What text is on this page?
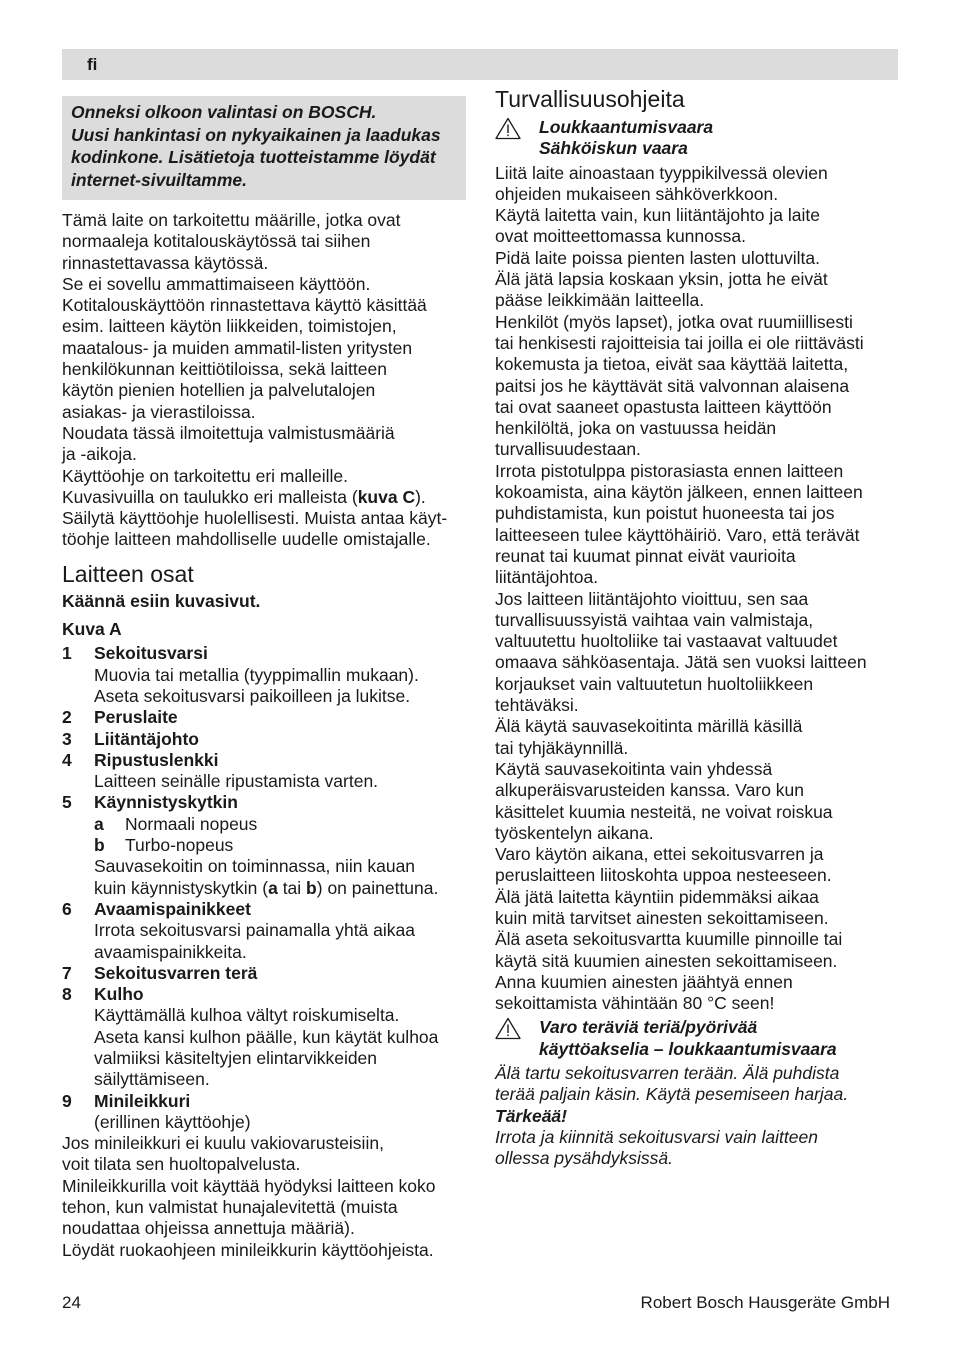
fi

Onneksi olkoon valintasi on BOSCH.

Uusi hankintasi on nykyaikainen ja laadukas

kodinkone. Lisätietoja tuotteistamme löydät

internet-sivuiltamme.

Tämä laite on tarkoitettu määrille, jotka ovat

normaaleja kotitalouskäytössä tai siihen

rinnastettavassa käytössä.

Se ei sovellu ammattimaiseen käyttöön.

Kotitalouskäyttöön rinnastettava käyttö käsittää

esim. laitteen käytön liikkeiden, toimistojen,

maatalous- ja muiden ammatil-listen yritysten

henkilökunnan keittiötiloissa, sekä laitteen

käytön pienien hotellien ja palvelutalojen

asiakas- ja vierastiloissa.

Noudata tässä ilmoitettuja valmistusmääriä

ja -aikoja.

Käyttöohje on tarkoitettu eri malleille.

Kuvasivuilla on taulukko eri malleista (kuva C).

Säilytä käyttöohje huolellisesti. Muista antaa käyt-

töohje laitteen mahdolliselle uudelle omistajalle.

Laitteen osat

Käännä esiin kuvasivut.

Kuva A

1	Sekoitusvarsi

Muovia tai metallia (tyyppimallin mukaan).

Aseta sekoitusvarsi paikoilleen ja lukitse.

2	Peruslaite
3	Liitäntäjohto
4	Ripustuslenkki

Laitteen seinälle ripustamista varten.

5	Käynnistyskytkin
a	Normaali nopeus
b	Turbo-nopeus

Sauvasekoitin on toiminnassa, niin kauan

kuin käynnistyskytkin (a tai b) on painettuna.

6	Avaamispainikkeet

Irrota sekoitusvarsi painamalla yhtä aikaa

avaamispainikkeita.

7	Sekoitusvarren terä
8	Kulho

Käyttämällä kulhoa vältyt roiskumiselta.

Aseta kansi kulhon päälle, kun käytät kulhoa

valmiiksi käsiteltyjen elintarvikkeiden

säilyttämiseen.

9	Minileikkuri

(erillinen käyttöohje)

Jos minileikkuri ei kuulu vakiovarusteisiin,

voit tilata sen huoltopalvelusta.

Minileikkurilla voit käyttää hyödyksi laitteen koko

tehon, kun valmistat hunajalevitettä (muista

noudattaa ohjeissa annettuja määriä).

Löydät ruokaohjeen minileikkurin käyttöohjeista.

Turvallisuusohjeita

Loukkaantumisvaara

Sähköiskun vaara

Liitä laite ainoastaan tyyppikilvessä olevien

ohjeiden mukaiseen sähköverkkoon.

Käytä laitetta vain, kun liitäntäjohto ja laite

ovat moitteettomassa kunnossa.

Pidä laite poissa pienten lasten ulottuvilta.

Älä jätä lapsia koskaan yksin, jotta he eivät

pääse leikkimään laitteella.

Henkilöt (myös lapset), jotka ovat ruumiillisesti

tai henkisesti rajoitteisia tai joilla ei ole riittävästi

kokemusta ja tietoa, eivät saa käyttää laitetta,

paitsi jos he käyttävät sitä valvonnan alaisena

tai ovat saaneet opastusta laitteen käyttöön

henkilöltä, joka on vastuussa heidän

turvallisuudestaan.

Irrota pistotulppa pistorasiasta ennen laitteen

kokoamista, aina käytön jälkeen, ennen laitteen

puhdistamista, kun poistut huoneesta tai jos

laitteeseen tulee käyttöhäiriö. Varo, että terävät

reunat tai kuumat pinnat eivät vaurioita

liitäntäjohtoa.

Jos laitteen liitäntäjohto vioittuu, sen saa

turvallisuussyistä vaihtaa vain valmistaja,

valtuutettu huoltoliike tai vastaavat valtuudet

omaava sähköasentaja. Jätä sen vuoksi laitteen

korjaukset vain valtuutetun huoltoliikkeen

tehtäväksi.

Älä käytä sauvasekoitinta märillä käsillä

tai tyhjäkäynnillä.

Käytä sauvasekoitinta vain yhdessä

alkuperäisvarusteiden kanssa. Varo kun

käsittelet kuumia nesteitä, ne voivat roiskua

työskentelyn aikana.

Varo käytön aikana, ettei sekoitusvarren ja

peruslaitteen liitoskohta uppoa nesteeseen.

Älä jätä laitetta käyntiin pidemmäksi aikaa

kuin mitä tarvitset ainesten sekoittamiseen.

Älä aseta sekoitusvartta kuumille pinnoille tai

käytä sitä kuumien ainesten sekoittamiseen.

Anna kuumien ainesten jäähtyä ennen

sekoittamista vähintään 80 °C seen!

Varo teräviä teriä/pyörivää

käyttöakselia – loukkaantumisvaara

Älä tartu sekoitusvarren terään. Älä puhdista

terää paljain käsin. Käytä pesemiseen harjaa.

Tärkeää!

Irrota ja kiinnitä sekoitusvarsi vain laitteen

ollessa pysähdyksissä.

24	Robert Bosch Hausgeräte GmbH
